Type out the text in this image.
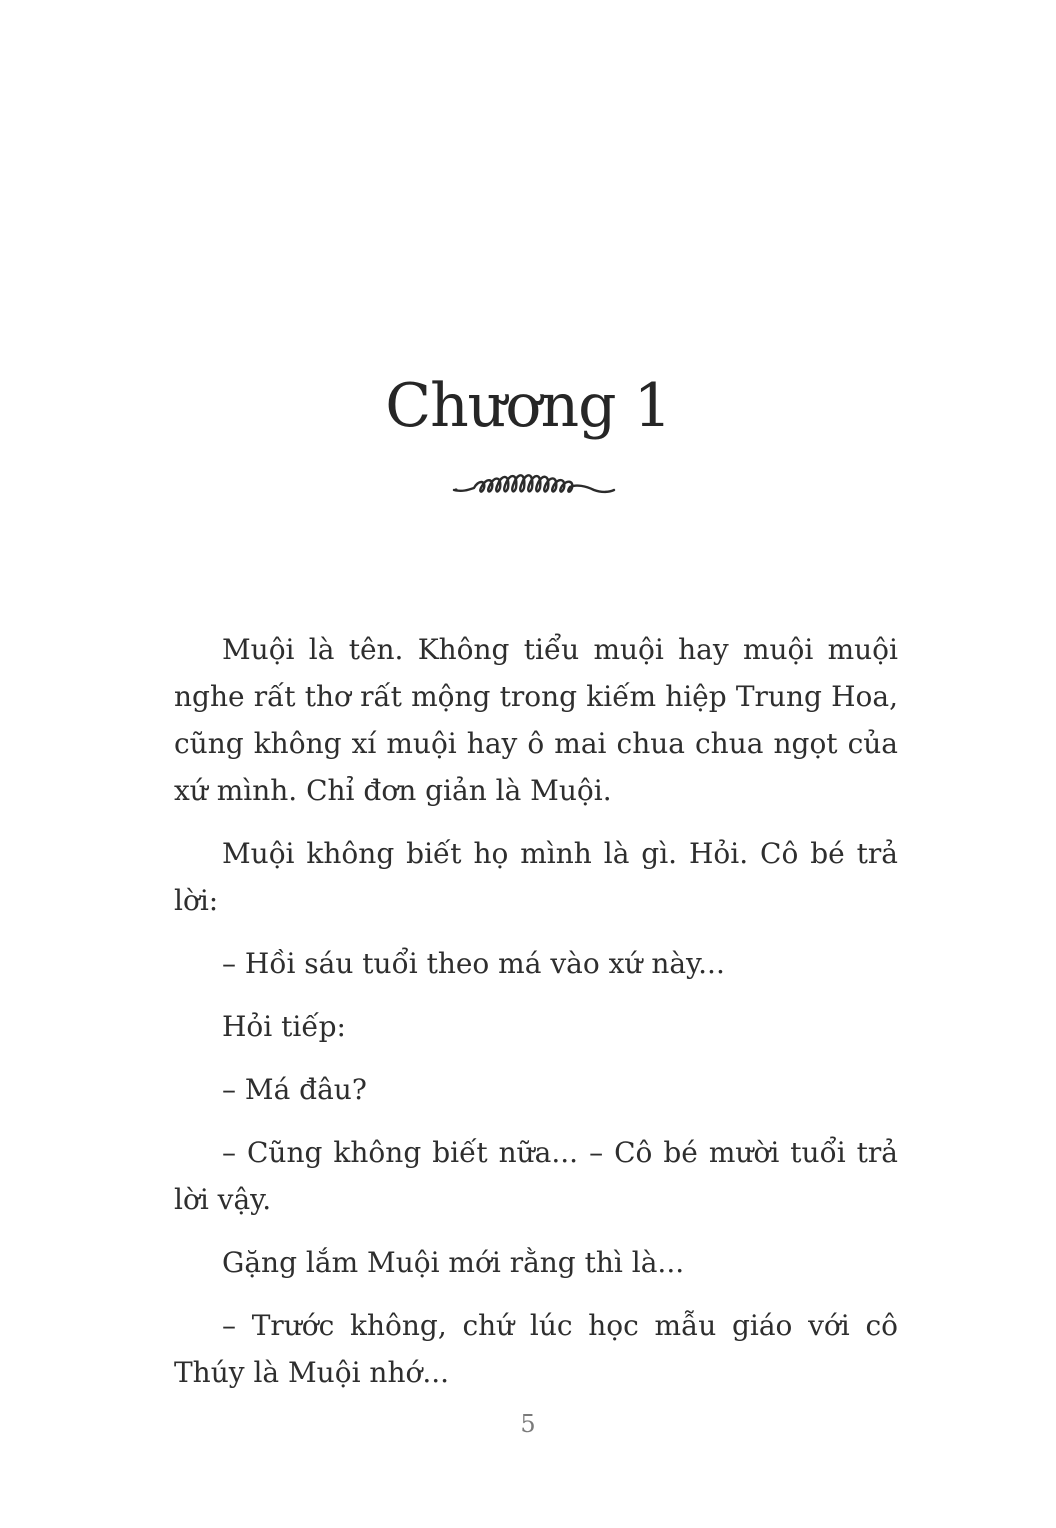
Chương 1

Muội là tên. Không tiểu muội hay muội muội nghe rất thơ rất mộng trong kiếm hiệp Trung Hoa, cũng không xí muội hay ô mai chua chua ngọt của xứ mình. Chỉ đơn giản là Muội.

Muội không biết họ mình là gì. Hỏi. Cô bé trả lời:

– Hồi sáu tuổi theo má vào xứ này...

Hỏi tiếp:

– Má đâu?

– Cũng không biết nữa... – Cô bé mười tuổi trả lời vậy.

Gặng lắm Muội mới rằng thì là...

– Trước không, chứ lúc học mẫu giáo với cô Thúy là Muội nhớ...

5
